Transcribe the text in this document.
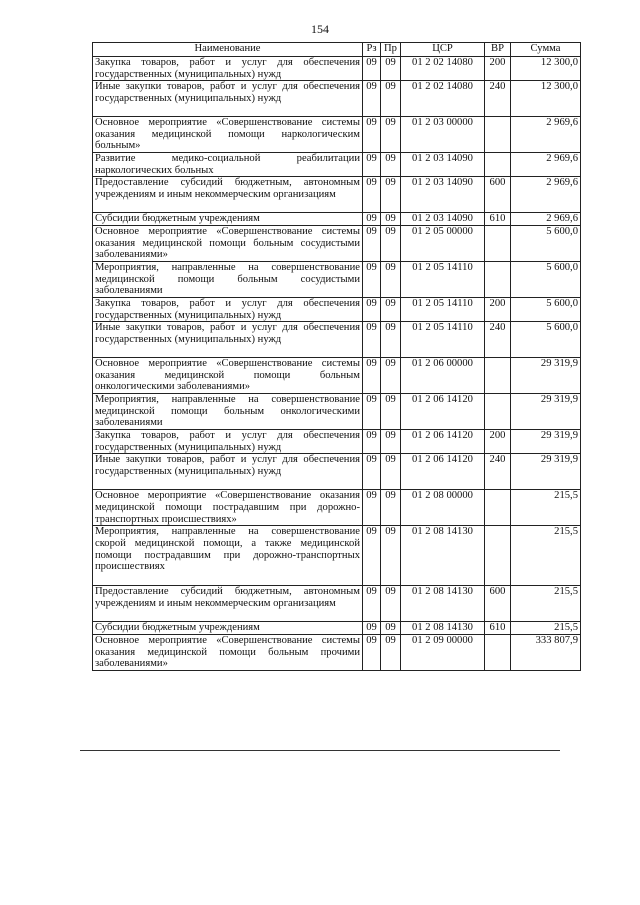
154
Наименование	Рз	Пр	ЦСР	ВР	Сумма
Закупка товаров, работ и услуг для обеспечения государственных (муниципальных) нужд	09	09	01 2 02 14080	200	12 300,0
Иные закупки товаров, работ и услуг для обеспечения государственных (муниципальных) нужд	09	09	01 2 02 14080	240	12 300,0
Основное мероприятие «Совершенствование системы оказания медицинской помощи наркологическим больным»	09	09	01 2 03 00000		2 969,6
Развитие медико-социальной реабилитации наркологических больных	09	09	01 2 03 14090		2 969,6
Предоставление субсидий бюджетным, автономным учреждениям и иным некоммерческим организациям	09	09	01 2 03 14090	600	2 969,6
Субсидии бюджетным учреждениям	09	09	01 2 03 14090	610	2 969,6
Основное мероприятие «Совершенствование системы оказания медицинской помощи больным сосудистыми заболеваниями»	09	09	01 2 05 00000		5 600,0
Мероприятия, направленные на совершенствование медицинской помощи больным сосудистыми заболеваниями	09	09	01 2 05 14110		5 600,0
Закупка товаров, работ и услуг для обеспечения государственных (муниципальных) нужд	09	09	01 2 05 14110	200	5 600,0
Иные закупки товаров, работ и услуг для обеспечения государственных (муниципальных) нужд	09	09	01 2 05 14110	240	5 600,0
Основное мероприятие «Совершенствование системы оказания медицинской помощи больным онкологическими заболеваниями»	09	09	01 2 06 00000		29 319,9
Мероприятия, направленные на совершенствование медицинской помощи больным онкологическими заболеваниями	09	09	01 2 06 14120		29 319,9
Закупка товаров, работ и услуг для обеспечения государственных (муниципальных) нужд	09	09	01 2 06 14120	200	29 319,9
Иные закупки товаров, работ и услуг для обеспечения государственных (муниципальных) нужд	09	09	01 2 06 14120	240	29 319,9
Основное мероприятие «Совершенствование оказания медицинской помощи пострадавшим при дорожно-транспортных происшествиях»	09	09	01 2 08 00000		215,5
Мероприятия, направленные на совершенствование скорой медицинской помощи, а также медицинской помощи пострадавшим при дорожно-транспортных происшествиях	09	09	01 2 08 14130		215,5
Предоставление субсидий бюджетным, автономным учреждениям и иным некоммерческим организациям	09	09	01 2 08 14130	600	215,5
Субсидии бюджетным учреждениям	09	09	01 2 08 14130	610	215,5
Основное мероприятие «Совершенствование системы оказания медицинской помощи больным прочими заболеваниями»	09	09	01 2 09 00000		333 807,9
